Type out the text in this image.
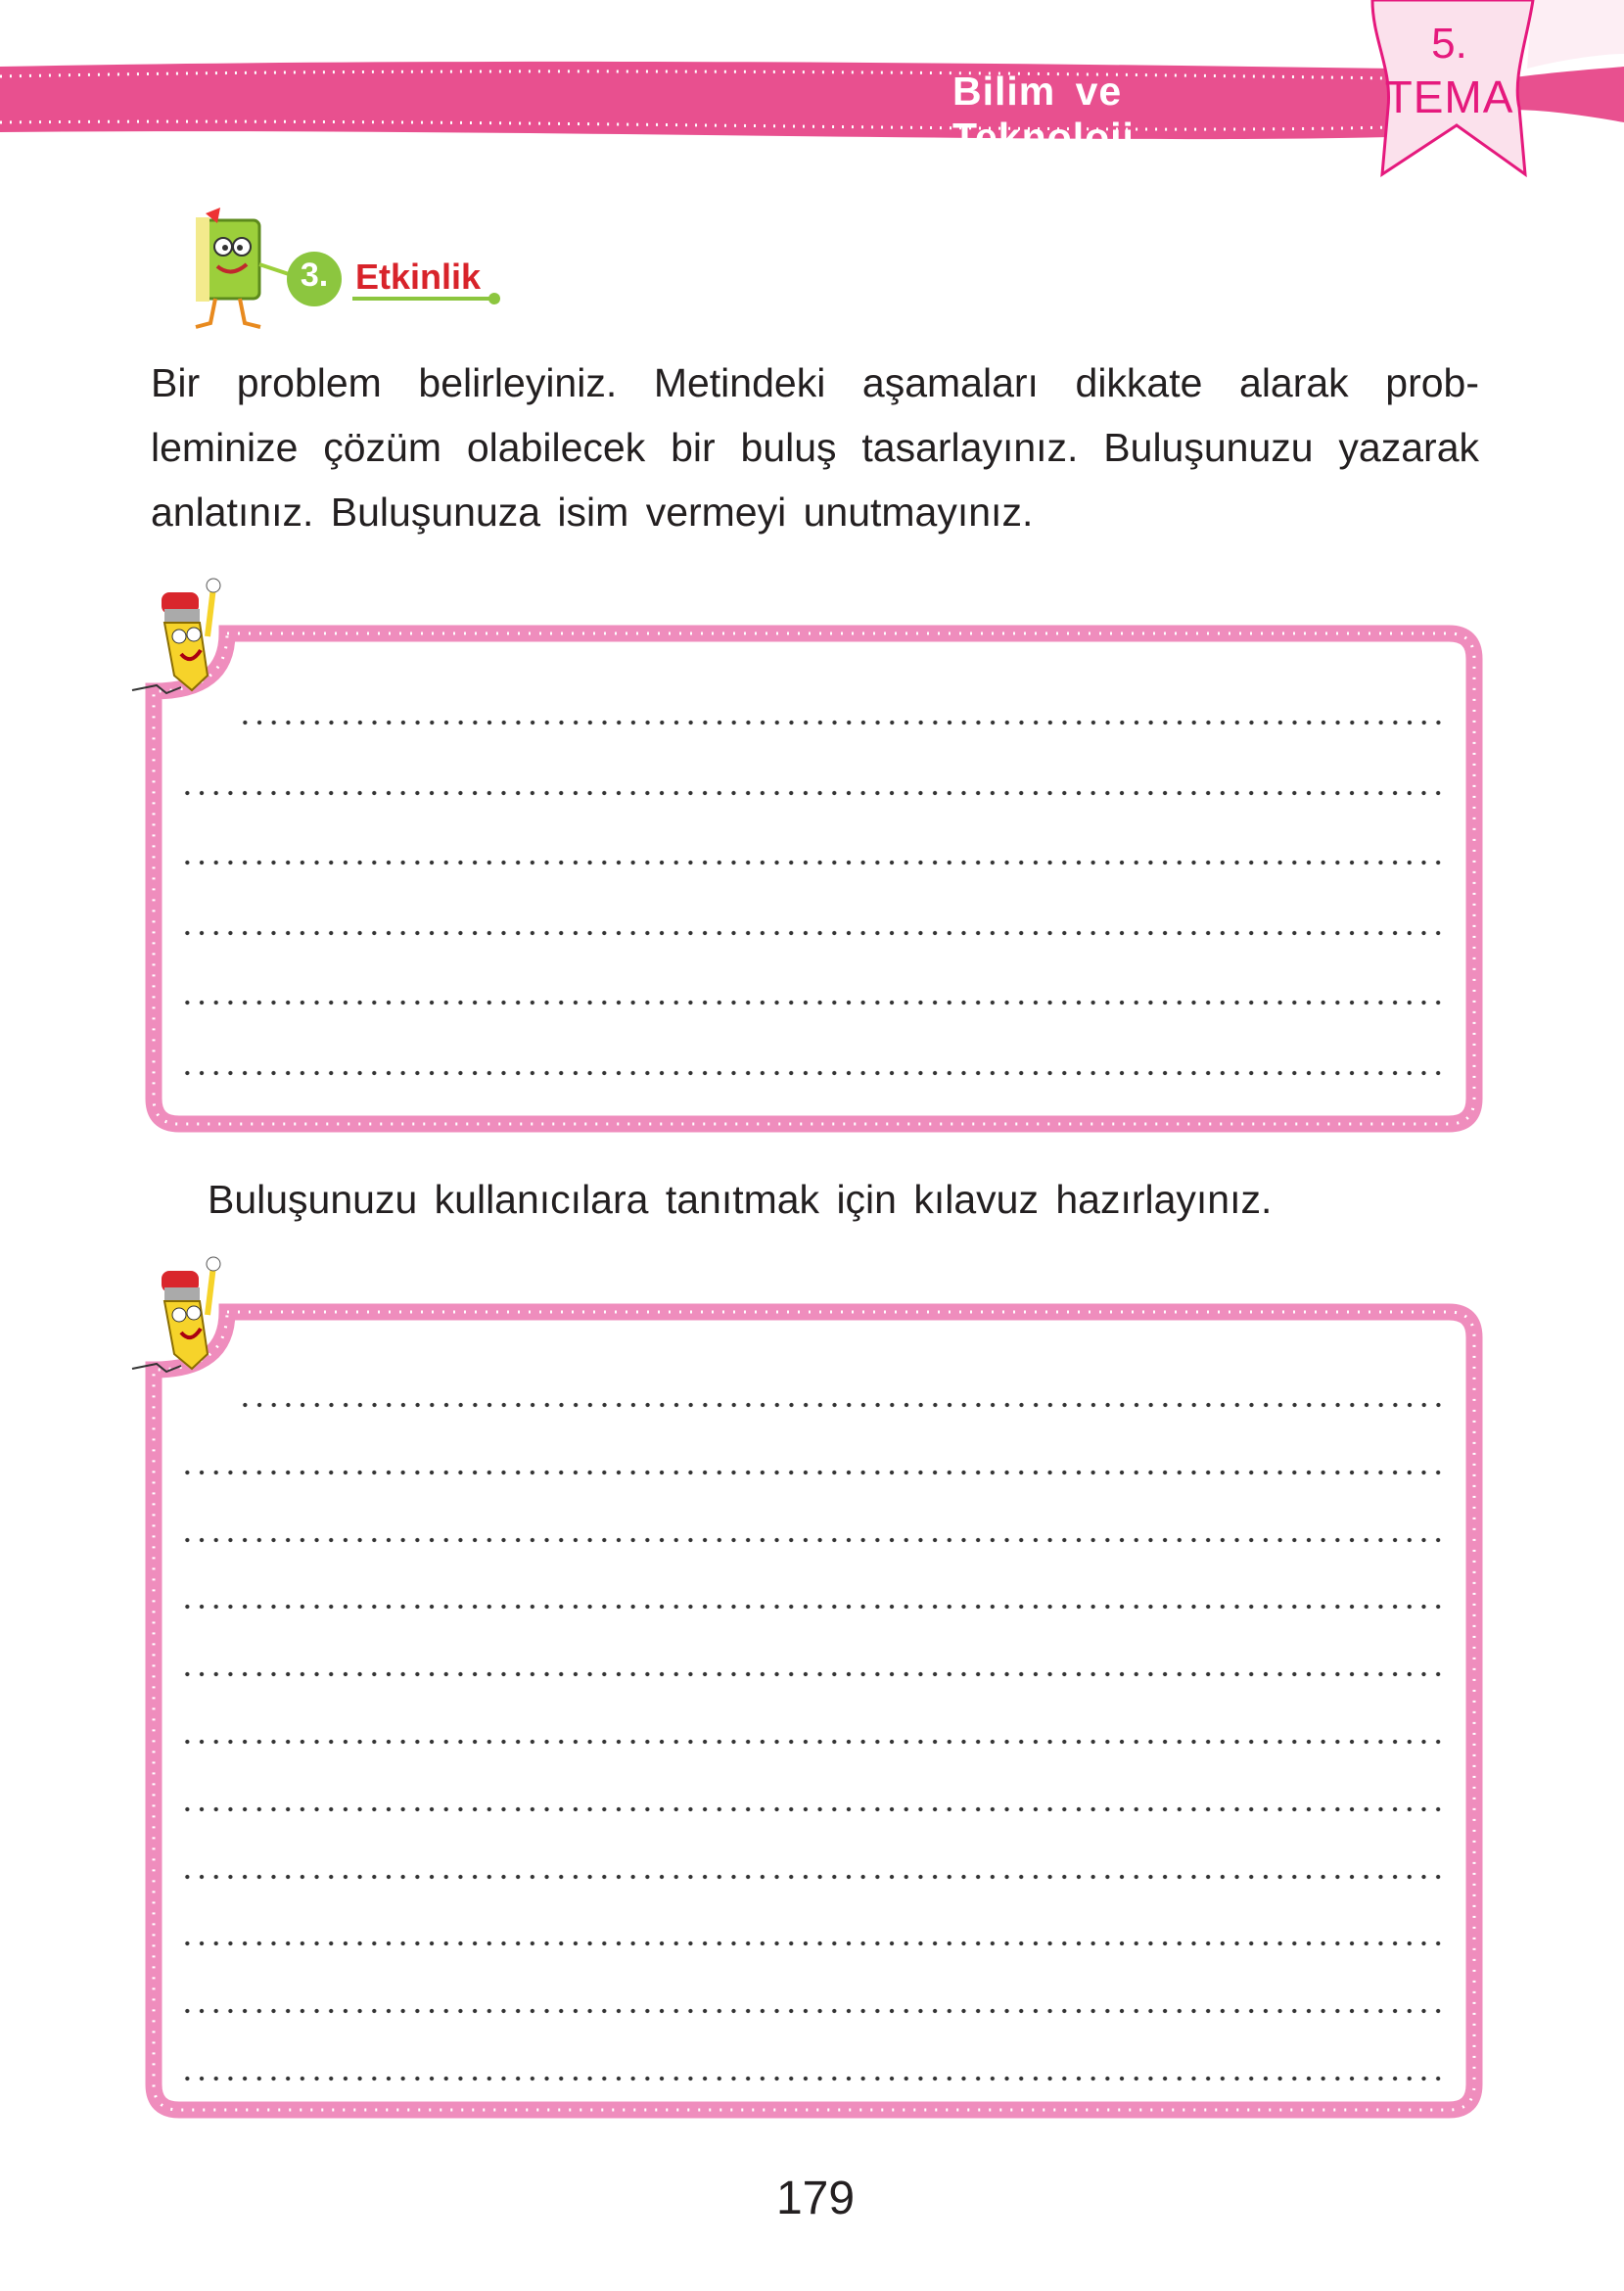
Bilim ve Teknoloji
5.
TEMA
3. Etkinlik
Bir problem belirleyiniz. Metindeki aşamaları dikkate alarak prob-
leminize çözüm olabilecek bir buluş tasarlayınız. Buluşunuzu yazarak
anlatınız. Buluşunuza isim vermeyi unutmayınız.
Buluşunuzu kullanıcılara tanıtmak için kılavuz hazırlayınız.
179
